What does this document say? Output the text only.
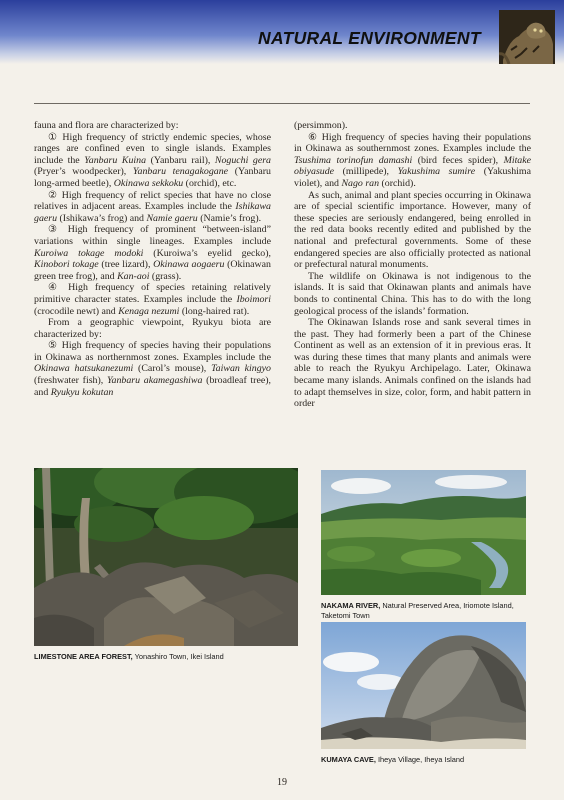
NATURAL ENVIRONMENT

fauna and flora are characterized by:

① High frequency of strictly endemic species, whose ranges are confined even to single islands. Examples include the Yanbaru Kuina (Yanbaru rail), Noguchi gera (Pryer’s woodpecker), Yanbaru tenagakogane (Yanbaru long-armed beetle), Okinawa sekkoku (orchid), etc.

② High frequency of relict species that have no close relatives in adjacent areas. Examples include the Ishikawa gaeru (Ishikawa’s frog) and Namie gaeru (Namie’s frog).

③ High frequency of prominent “between-island” variations within single lineages. Examples include Kuroiwa tokage modoki (Kuroiwa’s eyelid gecko), Kinobori tokage (tree lizard), Okinawa aogaeru (Okinawan green tree frog), and Kan-aoi (grass).

④ High frequency of species retaining relatively primitive character states. Examples include the Iboimori (crocodile newt) and Kenaga nezumi (long-haired rat).

From a geographic viewpoint, Ryukyu biota are characterized by:

⑤ High frequency of species having their populations in Okinawa as northernmost zones. Examples include the Okinawa hatsukanezumi (Carol’s mouse), Taiwan kingyo (freshwater fish), Yanbaru akamegashiwa (broadleaf tree), and Ryukyu kokutan

(persimmon).

⑥ High frequency of species having their populations in Okinawa as southernmost zones. Examples include the Tsushima torinofun damashi (bird feces spider), Mitake obiyasude (millipede), Yakushima sumire (Yakushima violet), and Nago ran (orchid).

As such, animal and plant species occurring in Okinawa are of special scientific importance. However, many of these species are seriously endangered, being enrolled in the red data books recently edited and published by the national and prefectural governments. Some of these endangered species are also officially protected as national or prefectural natural monuments.

The wildlife on Okinawa is not indigenous to the islands. It is said that Okinawan plants and animals have bonds to continental China. This has to do with the long geological process of the islands’ formation.

The Okinawan Islands rose and sank several times in the past. They had formerly been a part of the Chinese Continent as well as an extension of it in previous eras. It was during these times that many plants and animals were able to reach the Ryukyu Archipelago. Later, Okinawa became many islands. Animals confined on the islands had to adapt themselves in size, color, form, and habit pattern in order

LIMESTONE AREA FOREST, Yonashiro Town, Ikei Island
NAKAMA RIVER, Natural Preserved Area, Iriomote Island, Taketomi Town
KUMAYA CAVE, Iheya Village, Iheya Island
19
